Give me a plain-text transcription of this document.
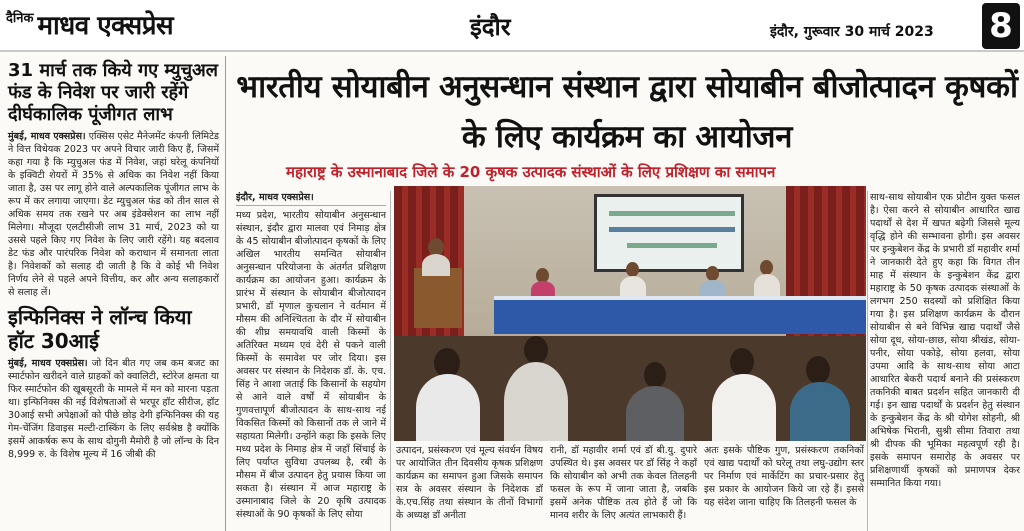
दैनिक माधव एक्सप्रेस	इंदौर	इंदौर, गुरूवार 30 मार्च 2023 8
31 मार्च तक किये गए म्युचुअल फंड के निवेश पर जारी रहेंगे दीर्घकालिक पूंजीगत लाभ
मुंबई, माधव एक्सप्रेस। एक्सिस एसेट मैनेजमेंट कंपनी लिमिटेड ने वित्त विधेयक 2023 पर अपने विचार जारी किए हैं, जिसमें कहा गया है कि म्युचुअल फंड में निवेश, जहां घरेलू कंपनियों के इक्विटी शेयरों में 35% से अधिक का निवेश नहीं किया जाता है, उस पर लागू होने वाले अल्पकालिक पूंजीगत लाभ के रूप में कर लगाया जाएगा। डेट म्युचुअल फंड को तीन साल से अधिक समय तक रखने पर अब इंडेक्सेशन का लाभ नहीं मिलेगा। मौजूदा एलटीसीजी लाभ 31 मार्च, 2023 को या उससे पहले किए गए निवेश के लिए जारी रहेंगे। यह बदलाव डेट फंड और पारंपरिक निवेश को कराधान में समानता लाता है। निवेशकों को सलाह दी जाती है कि वे कोई भी निवेश निर्णय लेने से पहले अपने वित्तीय, कर और अन्य सलाहकारों से सलाह लें।
इन्फिनिक्स ने लॉन्च किया हॉट 30आई
मुंबई, माधव एक्सप्रेस। जो दिन बीत गए जब कम बजट का स्मार्टफोन खरीदने वाले ग्राहकों को क्वालिटी, स्टोरेज क्षमता या फिर स्मार्टफोन की खूबसूरती के मामले में मन को मारना पड़ता था। इन्फिनिक्स की नई विशेषताओं से भरपूर हॉट सीरीज, हॉट 30आई सभी अपेक्षाओं को पीछे छोड़ देगी इन्फिनिक्स की यह गेम-चेंजिंग डिवाइस मल्टी-टास्किंग के लिए सर्वश्रेष्ठ है क्योंकि इसमें आकर्षक रूप के साथ दोगुनी मैमोरी है जो लॉन्च के दिन 8,999 रु. के विशेष मूल्य में 16 जीबी की
भारतीय सोयाबीन अनुसन्धान संस्थान द्वारा सोयाबीन बीजोत्पादन कृषकों के लिए कार्यक्रम का आयोजन
महाराष्ट्र के उस्मानाबाद जिले के 20 कृषक उत्पादक संस्थाओं के लिए प्रशिक्षण का समापन
इंदौर, माधव एक्सप्रेस।
मध्य प्रदेश, भारतीय सोयाबीन अनुसन्धान संस्थान, इंदौर द्वारा मालवा एवं निमाड़ क्षेत्र के 45 सोयाबीन बीजोत्पादन कृषकों के लिए अखिल भारतीय समन्वित सोयाबीन अनुसन्धान परियोजना के अंतर्गत प्रशिक्षण कार्यक्रम का आयोजन हुआ। कार्यक्रम के प्रारंभ में संस्थान के सोयाबीन बीजोत्पादन प्रभारी, डॉ मृणाल कुचलान ने वर्तमान में मौसम की अनिश्चितता के दौर में सोयाबीन की शीघ्र समयावधि वाली किस्मों के अतिरिक्त मध्यम एवं देरी से पकने वाली किस्मों के समावेश पर जोर दिया। इस अवसर पर संस्थान के निदेशक डॉ. के. एच. सिंह ने आशा जताई कि किसानों के सहयोग से आने वाले वर्षों में सोयाबीन के गुणवत्तापूर्ण बीजोत्पादन के साथ-साथ नई विकसित किस्मों को किसानों तक ले जाने में सहायता मिलेगी। उन्होंने कहा कि इसके लिए मध्य प्रदेश के निमाड़ क्षेत्र में जहाँ सिंचाई के लिए पर्याप्त सुविधा उपलब्ध है, रबी के मौसम में बीज उत्पादन हेतु प्रयास किया जा सकता है। संस्थान में आज महाराष्ट्र के उस्मानाबाद जिले के 20 कृषि उत्पादक संस्थाओं के 90 कृषकों के लिए सोया
उत्पादन, प्रसंस्करण एवं मूल्य संवर्धन विषय पर आयोजित तीन दिवसीय कृषक प्रशिक्षण कार्यक्रम का समापन हुआ जिसके समापन सत्र के अवसर संस्थान के निदेशक डॉ के.एच.सिंह तथा संस्थान के तीनों विभागों के अध्यक्ष डॉ अनीता
रानी, डॉ महावीर शर्मा एवं डॉ बी.यु. दुपारे उपस्थित थे। इस अवसर पर डॉ सिंह ने कहाँ कि सोयाबीन को अभी तक केवल तिलहनी फसल के रूप में जाना जाता है, जबकि इसमें अनेक पौष्टिक तत्व होते हैं जो कि मानव शरीर के लिए अत्यंत लाभकारी हैं।
अतः इसके पौष्टिक गुण, प्रसंस्करण तकनिकों एवं खाद्य पदार्थों को घरेलू तथा लघु-उद्योग स्तर पर निर्माण एवं मार्केटिंग का प्रचार-प्रसार हेतु इस प्रकार के आयोजन किये जा रहे हैं। इससे यह संदेश जाना चाहिए कि तिलहनी फसल के
साथ-साथ सोयाबीन एक प्रोटीन युक्त फसल है। ऐसा करने से सोयाबीन आधारित खाद्य पदार्थों से देश में खपत बढ़ेगी जिससे मूल्य वृद्धि होने की सम्भावना होगी। इस अवसर पर इन्कुबेशन केंद्र के प्रभारी डॉ महावीर शर्मा ने जानकारी देते हुए कहा कि विगत तीन माह में संस्थान के इन्कुबेशन केंद्र द्वारा महाराष्ट्र के 50 कृषक उत्पादक संस्थाओं के लगभग 250 सदस्यों को प्रशिक्षित किया गया है। इस प्रशिक्षण कार्यक्रम के दौरान सोयाबीन से बने विभिन्न खाद्य पदार्थों जैसे सोया दूध, सोया-छाछ, सोया श्रीखंड, सोया-पनीर, सोया पकोड़े, सोया हलवा, सोया उपमा आदि के साथ-साथ सोया आटा आधारित बेकरी पदार्थ बनाने की प्रसंस्करण तकनिकी बाबत प्रदर्शन सहित जानकारी दी गई। इन खाद्य पदार्थों के प्रदर्शन हेतु संस्थान के इन्कुबेशन केंद्र के श्री योगेश सोहनी, श्री अभिषेक भिरानी, सुश्री सीमा तिवारा तथा श्री दीपक की भूमिका महत्वपूर्ण रही है। इसके समापन समारोह के अवसर पर प्रशिक्षणार्थी कृषकों को प्रमाणपत्र देकर सम्मानित किया गया।
